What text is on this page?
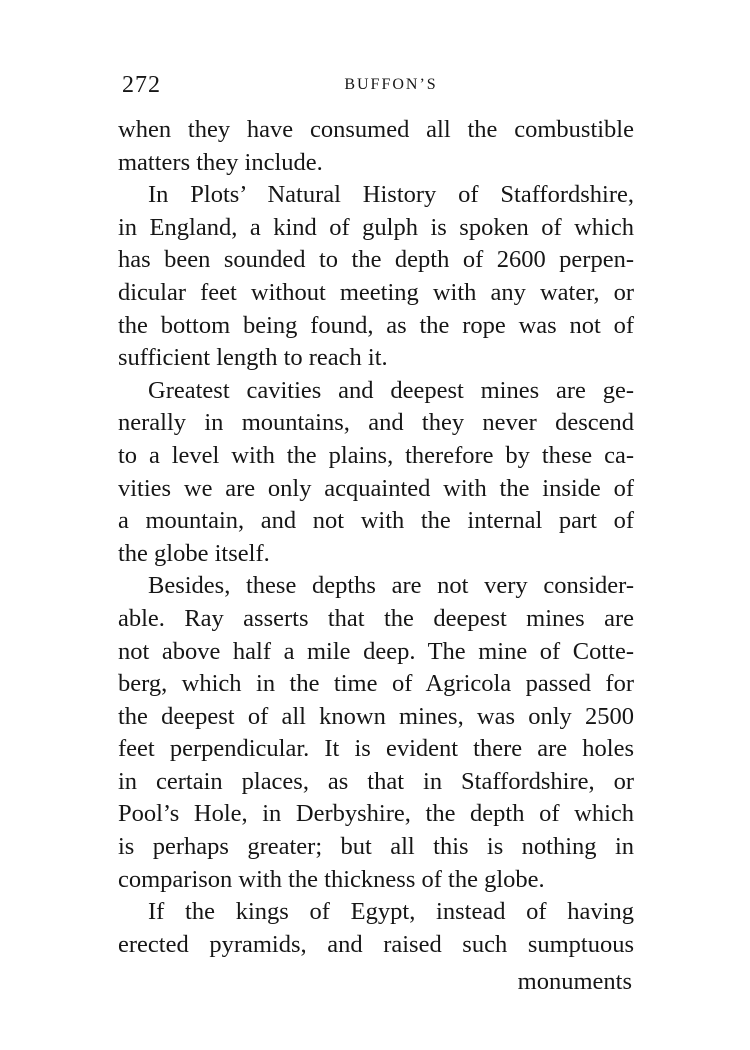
272	BUFFON’S
when they have consumed all the combustible
matters they include.
In Plots’ Natural History of Staffordshire,
in England, a kind of gulph is spoken of which
has been sounded to the depth of 2600 perpen-
dicular feet without meeting with any water, or
the bottom being found, as the rope was not of
sufficient length to reach it.
Greatest cavities and deepest mines are ge-
nerally in mountains, and they never descend
to a level with the plains, therefore by these ca-
vities we are only acquainted with the inside of
a mountain, and not with the internal part of
the globe itself.
Besides, these depths are not very consider-
able. Ray asserts that the deepest mines are
not above half a mile deep. The mine of Cotte-
berg, which in the time of Agricola passed for
the deepest of all known mines, was only 2500
feet perpendicular. It is evident there are holes
in certain places, as that in Staffordshire, or
Pool’s Hole, in Derbyshire, the depth of which
is perhaps greater; but all this is nothing in
comparison with the thickness of the globe.
If the kings of Egypt, instead of having
erected pyramids, and raised such sumptuous
monuments
